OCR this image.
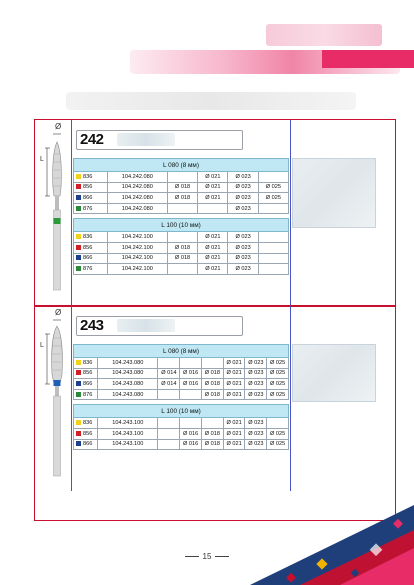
Ø
L
242
L 080 (8 мм)					
836	104.242.080		Ø 021	Ø 023	
856	104.242.080	Ø 018	Ø 021	Ø 023	Ø 025
866	104.242.080	Ø 018	Ø 021	Ø 023	Ø 025
876	104.242.080			Ø 023	

L 100 (10 мм)					
836	104.242.100		Ø 021	Ø 023	
856	104.242.100	Ø 018	Ø 021	Ø 023	
866	104.242.100	Ø 018	Ø 021	Ø 023	
876	104.242.100		Ø 021	Ø 023	
Ø
L
243
L 080 (8 мм)							
836	104.243.080				Ø 021	Ø 023	Ø 025
856	104.243.080	Ø 014	Ø 016	Ø 018	Ø 021	Ø 023	Ø 025
866	104.243.080	Ø 014	Ø 016	Ø 018	Ø 021	Ø 023	Ø 025
876	104.243.080			Ø 018	Ø 021	Ø 023	Ø 025

L 100 (10 мм)							
836	104.243.100				Ø 021	Ø 023	
856	104.243.100		Ø 016	Ø 018	Ø 021	Ø 023	Ø 025
866	104.243.100		Ø 016	Ø 018	Ø 021	Ø 023	Ø 025
15
